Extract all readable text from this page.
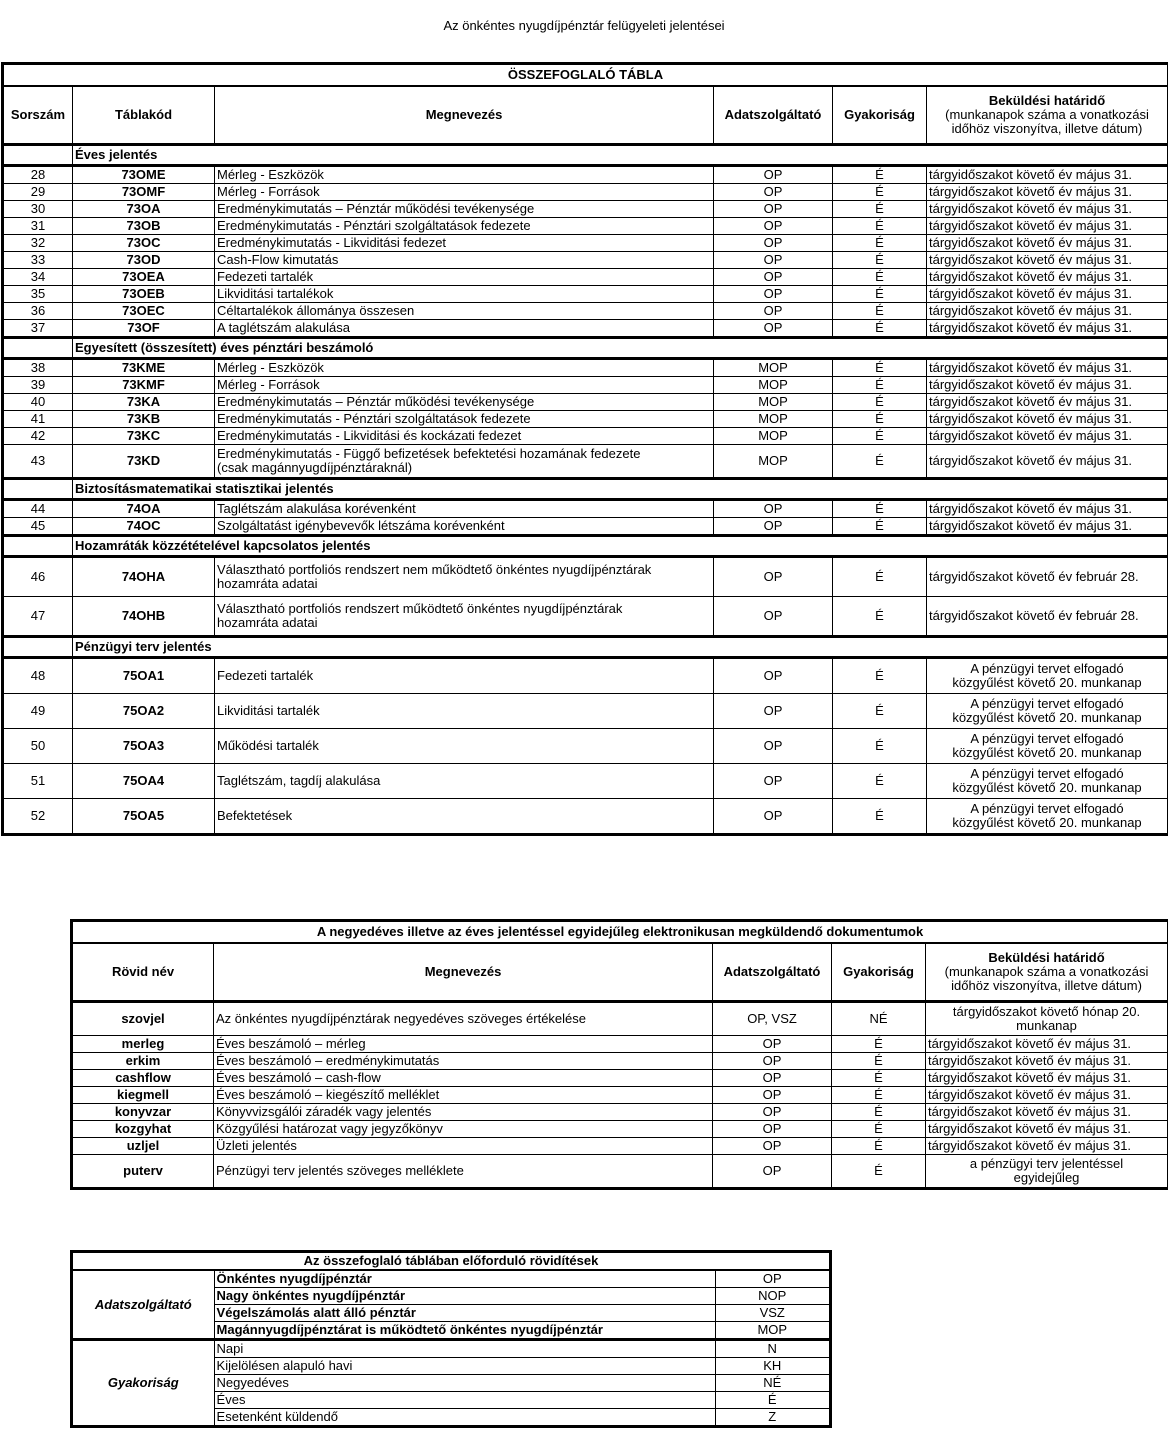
Az önkéntes nyugdíjpénztár felügyeleti jelentései
ÖSSZEFOGLALÓ TÁBLA					
Sorszám	Táblakód	Megnevezés	Adatszolgáltató	Gyakoriság	Beküldési határidő
(munkanapok száma a vonatkozási
időhöz viszonyítva, illetve dátum)

	Éves jelentés				
28	73OME	Mérleg - Eszközök	OP	É	tárgyidőszakot követő év május 31.
29	73OMF	Mérleg - Források	OP	É	tárgyidőszakot követő év május 31.
30	73OA	Eredménykimutatás – Pénztár működési tevékenysége	OP	É	tárgyidőszakot követő év május 31.
31	73OB	Eredménykimutatás - Pénztári szolgáltatások fedezete	OP	É	tárgyidőszakot követő év május 31.
32	73OC	Eredménykimutatás - Likviditási fedezet	OP	É	tárgyidőszakot követő év május 31.
33	73OD	Cash-Flow kimutatás	OP	É	tárgyidőszakot követő év május 31.
34	73OEA	Fedezeti tartalék	OP	É	tárgyidőszakot követő év május 31.
35	73OEB	Likviditási tartalékok	OP	É	tárgyidőszakot követő év május 31.
36	73OEC	Céltartalékok állománya összesen	OP	É	tárgyidőszakot követő év május 31.
37	73OF	A taglétszám alakulása	OP	É	tárgyidőszakot követő év május 31.
	Egyesített (összesített) éves pénztári beszámoló				
38	73KME	Mérleg - Eszközök	MOP	É	tárgyidőszakot követő év május 31.
39	73KMF	Mérleg - Források	MOP	É	tárgyidőszakot követő év május 31.
40	73KA	Eredménykimutatás – Pénztár működési tevékenysége	MOP	É	tárgyidőszakot követő év május 31.
41	73KB	Eredménykimutatás - Pénztári szolgáltatások fedezete	MOP	É	tárgyidőszakot követő év május 31.
42	73KC	Eredménykimutatás - Likviditási és kockázati fedezet	MOP	É	tárgyidőszakot követő év május 31.
43	73KD	Eredménykimutatás - Függő befizetések befektetési hozamának fedezete
(csak magánnyugdíjpénztáraknál)	MOP	É	tárgyidőszakot követő év május 31.
	Biztosításmatematikai statisztikai jelentés				
44	74OA	Taglétszám alakulása korévenként	OP	É	tárgyidőszakot követő év május 31.
45	74OC	Szolgáltatást igénybevevők létszáma korévenként	OP	É	tárgyidőszakot követő év május 31.
	Hozamráták közzétételével kapcsolatos jelentés				
46	74OHA	Választható portfoliós rendszert nem működtető önkéntes nyugdíjpénztárak
hozamráta adatai	OP	É	tárgyidőszakot követő év február 28.
47	74OHB	Választható portfoliós rendszert működtető önkéntes nyugdíjpénztárak
hozamráta adatai	OP	É	tárgyidőszakot követő év február 28.
	Pénzügyi terv jelentés				
48	75OA1	Fedezeti tartalék	OP	É	A pénzügyi tervet elfogadó
közgyűlést követő 20. munkanap

49	75OA2	Likviditási tartalék	OP	É	A pénzügyi tervet elfogadó
közgyűlést követő 20. munkanap

50	75OA3	Működési tartalék	OP	É	A pénzügyi tervet elfogadó
közgyűlést követő 20. munkanap

51	75OA4	Taglétszám, tagdíj alakulása	OP	É	A pénzügyi tervet elfogadó
közgyűlést követő 20. munkanap

52	75OA5	Befektetések	OP	É	A pénzügyi tervet elfogadó
közgyűlést követő 20. munkanap
A negyedéves illetve az éves jelentéssel egyidejűleg elektronikusan megküldendő dokumentumok				
Rövid név	Megnevezés	Adatszolgáltató	Gyakoriság	Beküldési határidő
(munkanapok száma a vonatkozási
időhöz viszonyítva, illetve dátum)

szovjel	Az önkéntes nyugdíjpénztárak negyedéves szöveges értékelése	OP, VSZ	NÉ	tárgyidőszakot követő hónap 20.
munkanap

merleg	Éves beszámoló – mérleg	OP	É	tárgyidőszakot követő év május 31.
erkim	Éves beszámoló – eredménykimutatás	OP	É	tárgyidőszakot követő év május 31.
cashflow	Éves beszámoló – cash-flow	OP	É	tárgyidőszakot követő év május 31.
kiegmell	Éves beszámoló – kiegészítő melléklet	OP	É	tárgyidőszakot követő év május 31.
konyvzar	Könyvvizsgálói záradék vagy jelentés	OP	É	tárgyidőszakot követő év május 31.
kozgyhat	Közgyűlési határozat vagy jegyzőkönyv	OP	É	tárgyidőszakot követő év május 31.
uzljel	Üzleti jelentés	OP	É	tárgyidőszakot követő év május 31.
puterv	Pénzügyi terv jelentés szöveges melléklete	OP	É	a pénzügyi terv jelentéssel
egyidejűleg
Az összefoglaló táblában előforduló rövidítések		
Adatszolgáltató	Önkéntes nyugdíjpénztár	OP
	Nagy önkéntes nyugdíjpénztár	NOP
	Végelszámolás alatt álló pénztár	VSZ
	Magánnyugdíjpénztárat is működtető önkéntes nyugdíjpénztár	MOP
Gyakoriság	Napi	N
	Kijelölésen alapuló havi	KH
	Negyedéves	NÉ
	Éves	É
	Esetenként küldendő	Z
